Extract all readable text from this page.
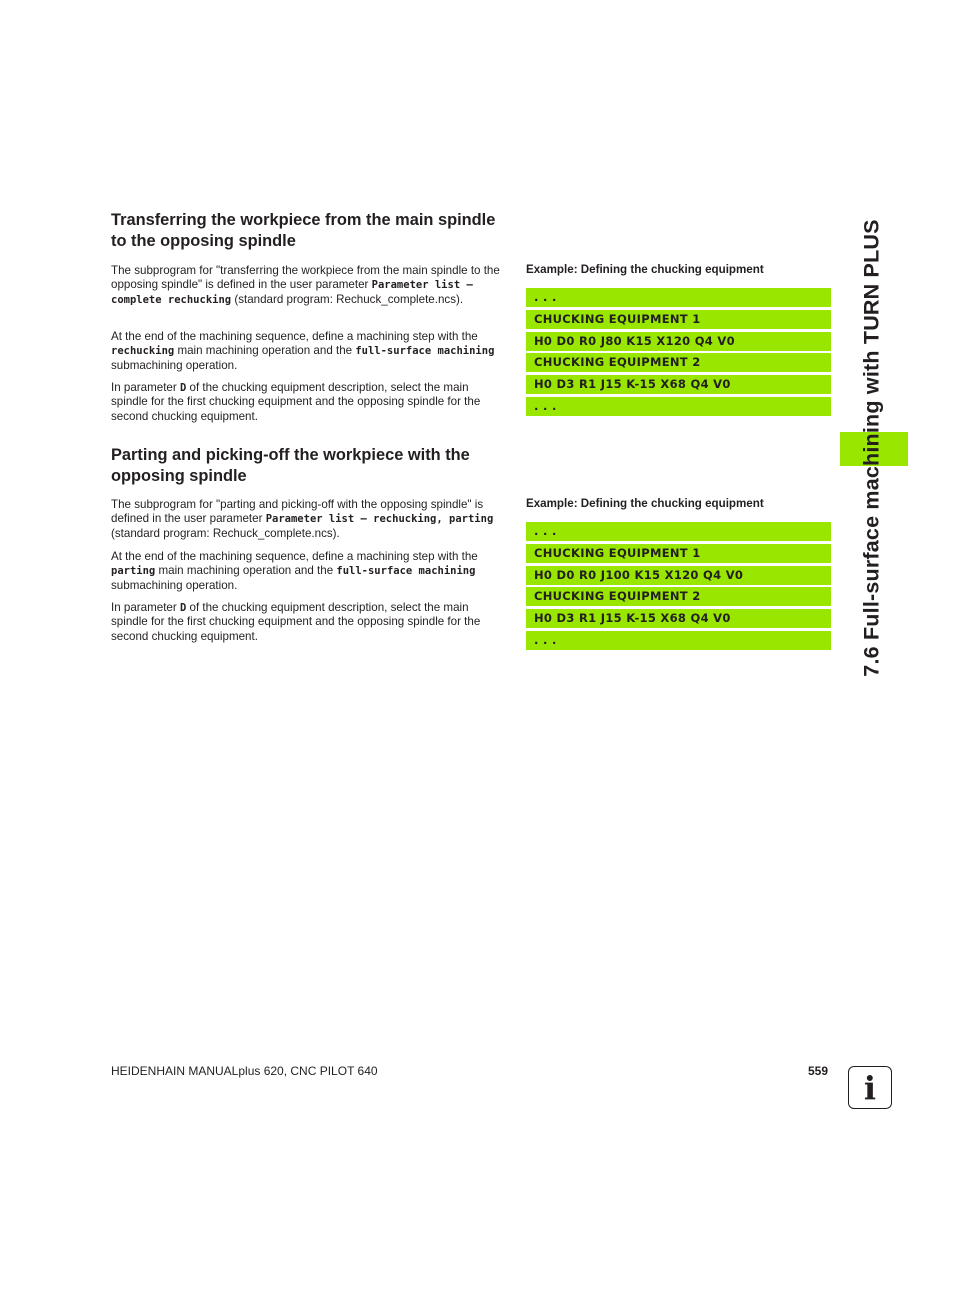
7.6 Full-surface machining with TURN PLUS
Transferring the workpiece from the main spindle to the opposing spindle

The subprogram for "transferring the workpiece from the main spindle to the opposing spindle" is defined in the user parameter Parameter list – complete rechucking (standard program: Rechuck_complete.ncs).

At the end of the machining sequence, define a machining step with the rechucking main machining operation and the full-surface machining submachining operation.

In parameter D of the chucking equipment description, select the main spindle for the first chucking equipment and the opposing spindle for the second chucking equipment.

Example: Defining the chucking equipment
. . .
CHUCKING EQUIPMENT 1
H0 D0 R0 J80 K15 X120 Q4 V0
CHUCKING EQUIPMENT 2
H0 D3 R1 J15 K-15 X68 Q4 V0
. . .
Parting and picking-off the workpiece with the opposing spindle

The subprogram for "parting and picking-off with the opposing spindle" is defined in the user parameter Parameter list – rechucking, parting (standard program: Rechuck_complete.ncs).

At the end of the machining sequence, define a machining step with the parting main machining operation and the full-surface machining submachining operation.

In parameter D of the chucking equipment description, select the main spindle for the first chucking equipment and the opposing spindle for the second chucking equipment.

Example: Defining the chucking equipment
. . .
CHUCKING EQUIPMENT 1
H0 D0 R0 J100 K15 X120 Q4 V0
CHUCKING EQUIPMENT 2
H0 D3 R1 J15 K-15 X68 Q4 V0
. . .
HEIDENHAIN MANUALplus 620, CNC PILOT 640	559 i
